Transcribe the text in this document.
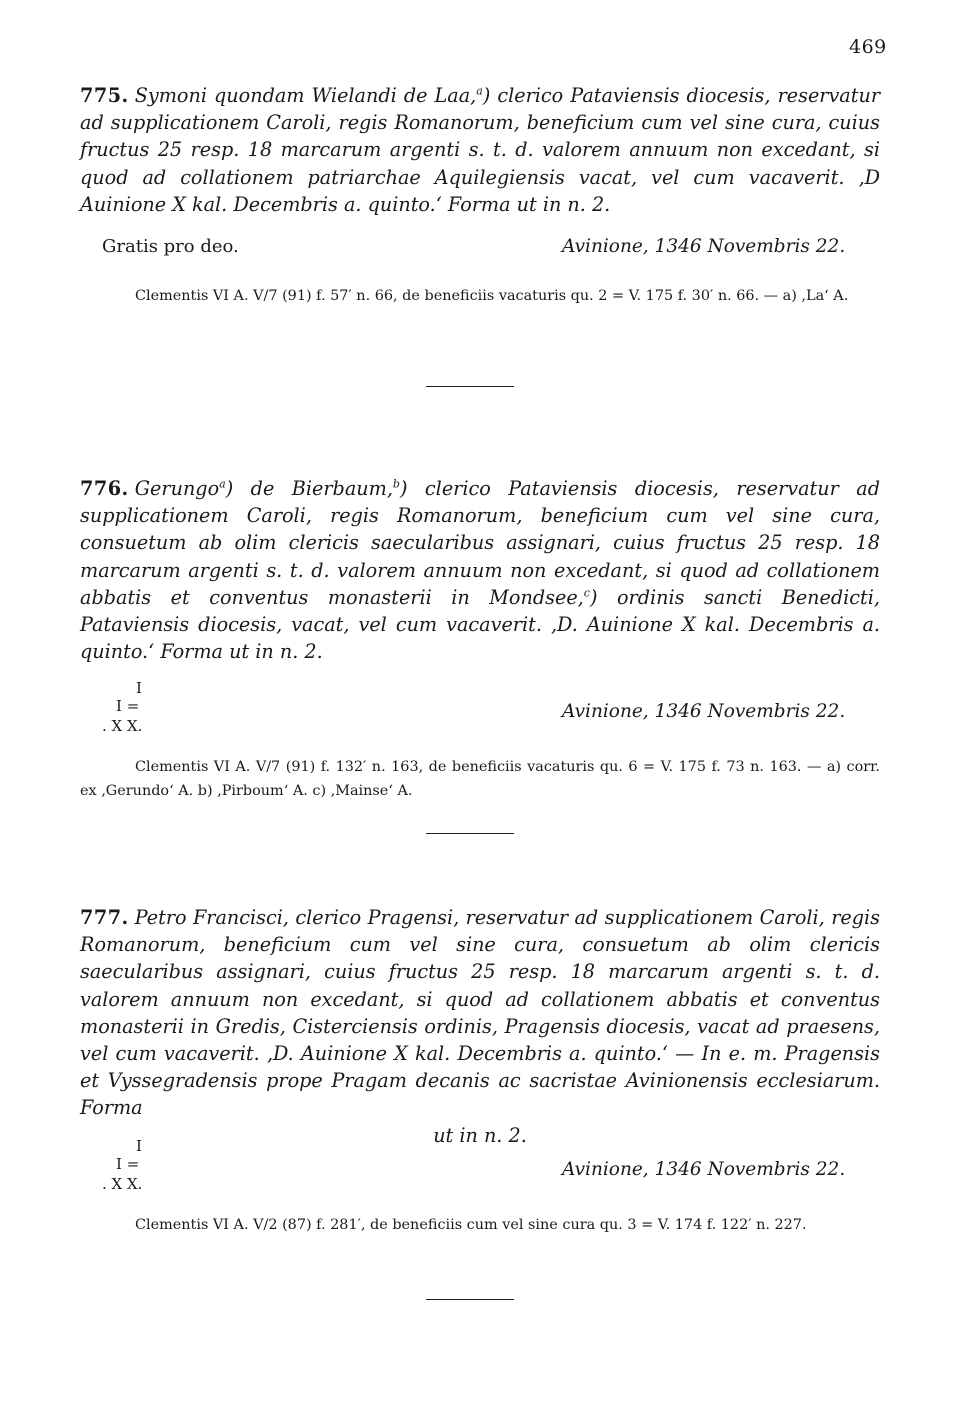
469

775. Symoni quondam Wielandi de Laa,$^a$) clerico Pataviensis diocesis, reservatur ad supplicationem Caroli, regis Romanorum, beneficium cum vel sine cura, cuius fructus 25 resp. 18 marcarum argenti s. t. d. valorem annuum non excedant, si quod ad collationem patriarchae Aquilegiensis vacat, vel cum vacaverit. ‚D Auinione X kal. Decembris a. quinto.‘ Forma ut in n. 2.

Gratis pro deo.	Avinione, 1346 Novembris 22.

Clementis VI A. V/7 (91) f. 57′ n. 66, de beneficiis vacaturis qu. 2 = V. 175 f. 30′ n. 66. — a) ‚La‘ A.

776. Gerungo$^a$) de Bierbaum,$^b$) clerico Pataviensis diocesis, reservatur ad supplicationem Caroli, regis Romanorum, beneficium cum vel sine cura, consuetum ab olim clericis saecularibus assignari, cuius fructus 25 resp. 18 marcarum argenti s. t. d. valorem annuum non excedant, si quod ad collationem abbatis et conventus monasterii in Mondsee,$^c$) ordinis sancti Benedicti, Pataviensis diocesis, vacat, vel cum vacaverit. ‚D. Auinione X kal. Decembris a. quinto.‘ Forma ut in n. 2.

I
I =
. X X.
Avinione, 1346 Novembris 22.

Clementis VI A. V/7 (91) f. 132′ n. 163, de beneficiis vacaturis qu. 6 = V. 175 f. 73 n. 163. — a) corr. ex ‚Gerundo‘ A. b) ‚Pirboum‘ A. c) ‚Mainse‘ A.

777. Petro Francisci, clerico Pragensi, reservatur ad supplicationem Caroli, regis Romanorum, beneficium cum vel sine cura, consuetum ab olim clericis saecularibus assignari, cuius fructus 25 resp. 18 marcarum argenti s. t. d. valorem annuum non excedant, si quod ad collationem abbatis et conventus monasterii in Gredis, Cisterciensis ordinis, Pragensis diocesis, vacat ad praesens, vel cum vacaverit. ‚D. Auinione X kal. Decembris a. quinto.‘ — In e. m. Pragensis et Vyssegradensis prope Pragam decanis ac sacristae Avinionensis ecclesiarum. Forma
ut in n. 2.

I
I =
. X X.
Avinione, 1346 Novembris 22.

Clementis VI A. V/2 (87) f. 281′, de beneficiis cum vel sine cura qu. 3 = V. 174 f. 122′ n. 227.
